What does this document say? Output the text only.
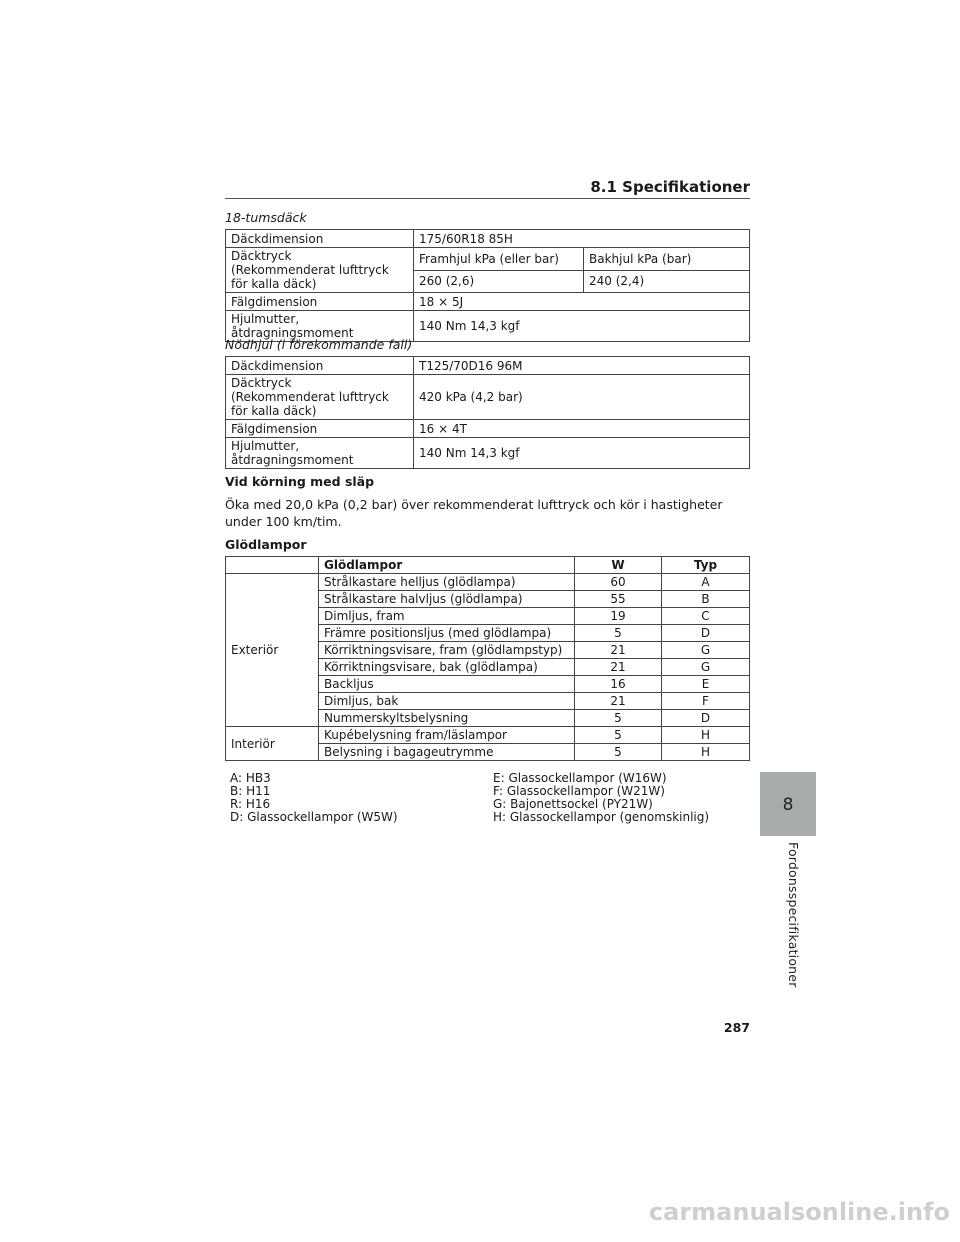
8.1 Specifikationer
18-tumsdäck
Däckdimension	175/60R18 85H	
Däcktryck
(Rekommenderat lufttryck för kalla däck)	Framhjul kPa (eller bar)	Bakhjul kPa (bar)
	260 (2,6)	240 (2,4)
Fälgdimension	18 × 5J	
Hjulmutter, åtdragningsmoment	140 Nm 14,3 kgf	
Nödhjul (i förekommande fall)
Däckdimension	T125/70D16 96M
Däcktryck
(Rekommenderat lufttryck för kalla däck)	420 kPa (4,2 bar)
Fälgdimension	16 × 4T
Hjulmutter, åtdragningsmoment	140 Nm 14,3 kgf
Vid körning med släp
Öka med 20,0 kPa (0,2 bar) över rekommenderat lufttryck och kör i hastigheter under 100 km/tim.
Glödlampor
	Glödlampor	W	Typ
Exteriör	Strålkastare helljus (glödlampa)	60	A
	Strålkastare halvljus (glödlampa)	55	B
	Dimljus, fram	19	C
	Främre positionsljus (med glödlampa)	5	D
	Körriktningsvisare, fram (glödlampstyp)	21	G
	Körriktningsvisare, bak (glödlampa)	21	G
	Backljus	16	E
	Dimljus, bak	21	F
	Nummerskyltsbelysning	5	D
Interiör	Kupébelysning fram/läslampor	5	H
	Belysning i bagageutrymme	5	H
A: HB3
B: H11
R: H16
D: Glassockellampor (W5W)
E: Glassockellampor (W16W)
F: Glassockellampor (W21W)
G: Bajonettsockel (PY21W)
H: Glassockellampor (genomskinlig)
8
Fordonsspecifikationer
287
carmanualsonline.info
